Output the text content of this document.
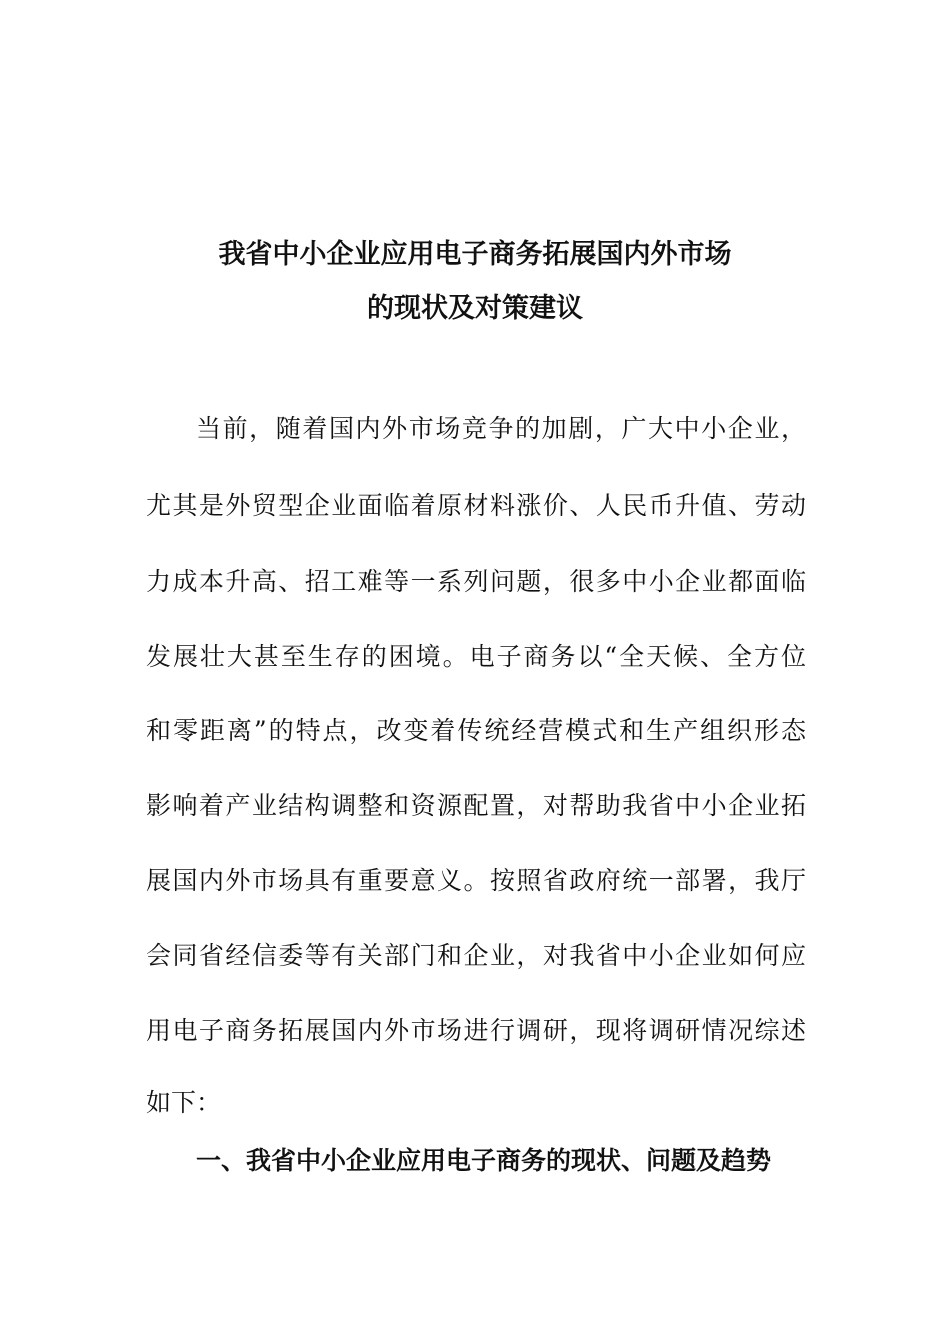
我省中小企业应用电子商务拓展国内外市场
的现状及对策建议
当前，随着国内外市场竞争的加剧，广大中小企业，
尤其是外贸型企业面临着原材料涨价、人民币升值、劳动
力成本升高、招工难等一系列问题，很多中小企业都面临
发展壮大甚至生存的困境。电子商务以“全天候、全方位
和零距离”的特点，改变着传统经营模式和生产组织形态
影响着产业结构调整和资源配置，对帮助我省中小企业拓
展国内外市场具有重要意义。按照省政府统一部署，我厅
会同省经信委等有关部门和企业，对我省中小企业如何应
用电子商务拓展国内外市场进行调研，现将调研情况综述
如下：
一、我省中小企业应用电子商务的现状、问题及趋势
